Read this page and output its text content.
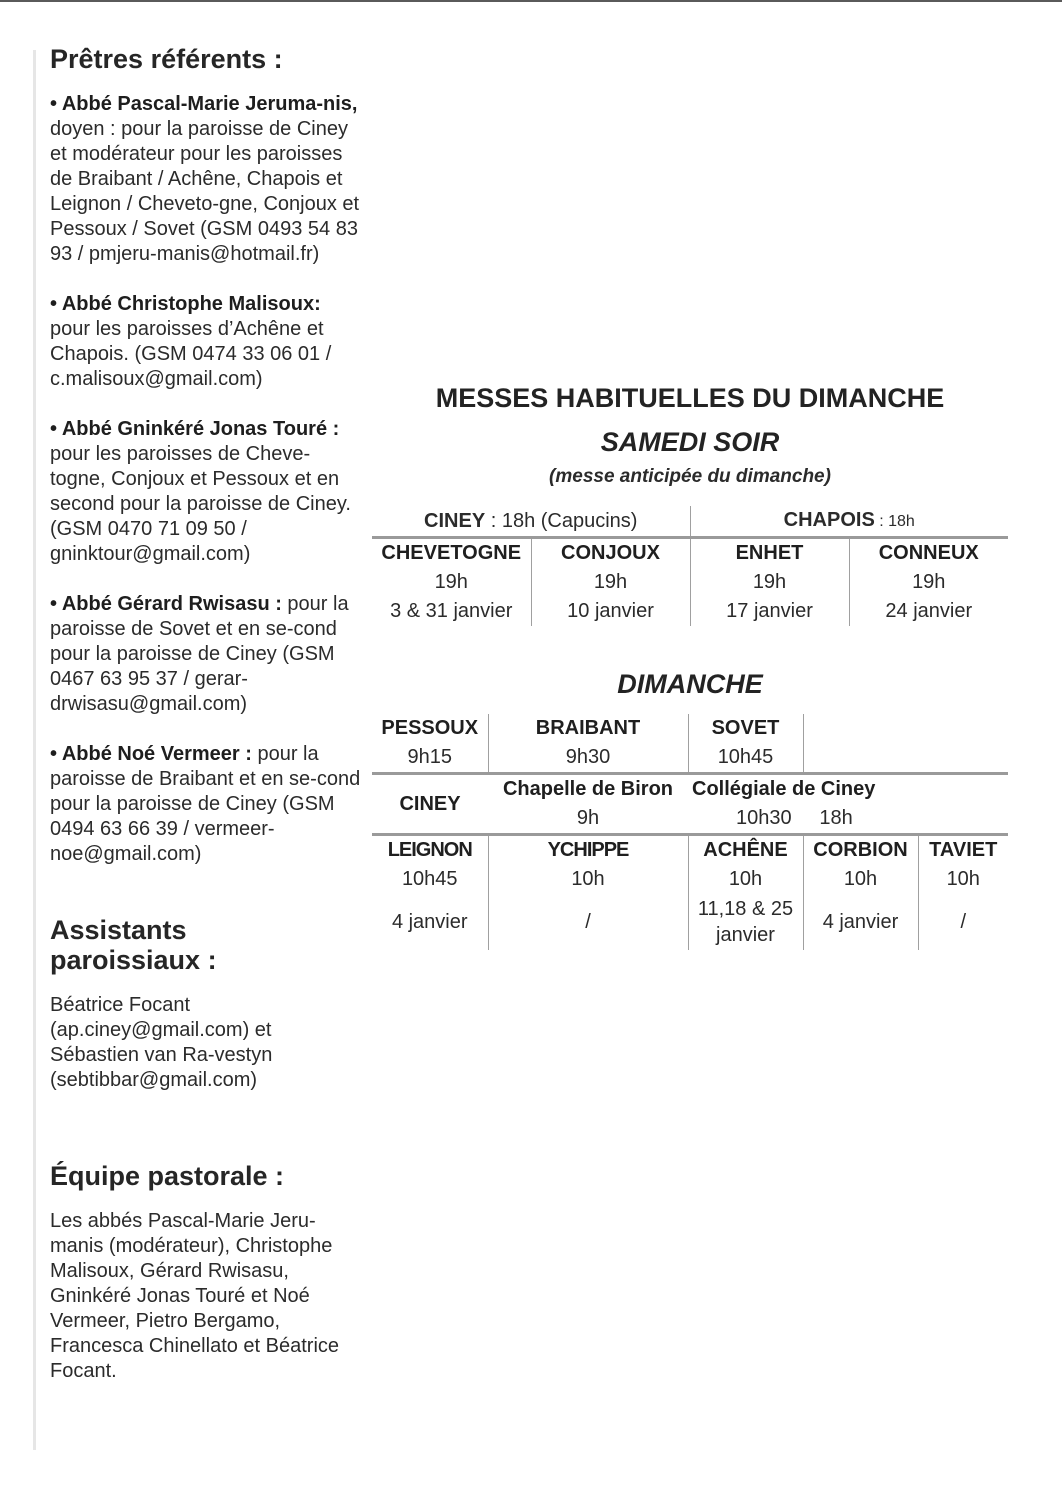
Prêtres référents :

• Abbé Pascal-Marie Jeruma-nis, doyen : pour la paroisse de Ciney et modérateur pour les paroisses de Braibant / Achêne, Chapois et Leignon / Cheveto-gne, Conjoux et Pessoux / Sovet (GSM 0493 54 83 93 / pmjeru-manis@hotmail.fr)

• Abbé Christophe Malisoux: pour les paroisses d’Achêne et Chapois. (GSM 0474 33 06 01 / c.malisoux@gmail.com)

• Abbé Gninkéré Jonas Touré : pour les paroisses de Cheve-togne, Conjoux et Pessoux et en second pour la paroisse de Ciney. (GSM 0470 71 09 50 / gninktour@gmail.com)

• Abbé Gérard Rwisasu : pour la paroisse de Sovet et en se-cond pour la paroisse de Ciney (GSM 0467 63 95 37 / gerar-drwisasu@gmail.com)

• Abbé Noé Vermeer : pour la paroisse de Braibant et en se-cond pour la paroisse de Ciney (GSM 0494 63 66 39 / vermeer-noe@gmail.com)

Assistants paroissiaux :

Béatrice Focant (ap.ciney@gmail.com) et Sébastien van Ra-vestyn (sebtibbar@gmail.com)

Équipe pastorale :

Les abbés Pascal-Marie Jeru-manis (modérateur), Christophe Malisoux, Gérard Rwisasu, Gninkéré Jonas Touré et Noé Vermeer, Pietro Bergamo, Francesca Chinellato et Béatrice Focant.

MESSES HABITUELLES DU DIMANCHE
SAMEDI SOIR
(messe anticipée du dimanche)
CINEY : 18h (Capucins)		CHAPOIS : 18h	
CHEVETOGNE	CONJOUX	ENHET	CONNEUX
19h	19h	19h	19h
3 & 31 janvier	10 janvier	17 janvier	24 janvier
DIMANCHE
PESSOUX	BRAIBANT	SOVET		
9h15	9h30	10h45		
CINEY	Chapelle de Biron	Collégiale de Ciney		
	9h	10h30     18h		
LEIGNON	YCHIPPE	ACHÊNE	CORBION	TAVIET
10h45	10h	10h	10h	10h
4 janvier	/	11,18 & 25 janvier	4 janvier	/
